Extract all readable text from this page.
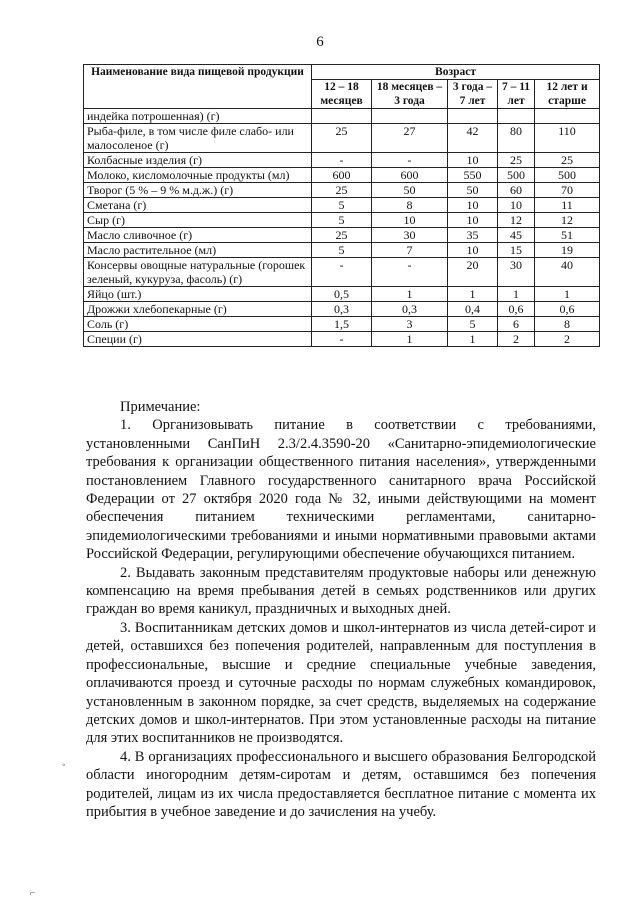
6
Наименование вида пищевой продукции	Возраст				
	12 – 18 месяцев	18 месяцев – 3 года	3 года – 7 лет	7 – 11 лет	12 лет и старше
индейка потрошенная) (г)					
Рыба-филе, в том числе филе слабо- или малосоленое (г)	25	27	42	80	110
Колбасные изделия (г)	-	-	10	25	25
Молоко, кисломолочные продукты (мл)	600	600	550	500	500
Творог (5 % – 9 % м.д.ж.) (г)	25	50	50	60	70
Сметана (г)	5	8	10	10	11
Сыр (г)	5	10	10	12	12
Масло сливочное (г)	25	30	35	45	51
Масло растительное (мл)	5	7	10	15	19
Консервы овощные натуральные (горошек зеленый, кукуруза, фасоль) (г)	-	-	20	30	40
Яйцо (шт.)	0,5	1	1	1	1
Дрожжи хлебопекарные (г)	0,3	0,3	0,4	0,6	0,6
Соль (г)	1,5	3	5	6	8
Специи (г)	-	1	1	2	2

Примечание:

1. Организовывать питание в соответствии с требованиями, установленными СанПиН 2.3/2.4.3590-20 «Санитарно-эпидемиологические требования к организации общественного питания населения», утвержденными постановлением Главного государственного санитарного врача Российской Федерации от 27 октября 2020 года № 32, иными действующими на момент обеспечения питанием техническими регламентами, санитарно-эпидемиологическими требованиями и иными нормативными правовыми актами Российской Федерации, регулирующими обеспечение обучающихся питанием.

2. Выдавать законным представителям продуктовые наборы или денежную компенсацию на время пребывания детей в семьях родственников или других граждан во время каникул, праздничных и выходных дней.

3. Воспитанникам детских домов и школ-интернатов из числа детей-сирот и детей, оставшихся без попечения родителей, направленным для поступления в профессиональные, высшие и средние специальные учебные заведения, оплачиваются проезд и суточные расходы по нормам служебных командировок, установленным в законном порядке, за счет средств, выделяемых на содержание детских домов и школ-интернатов. При этом установленные расходы на питание для этих воспитанников не производятся.

4. В организациях профессионального и высшего образования Белгородской области иногородним детям-сиротам и детям, оставшимся без попечения родителей, лицам из их числа предоставляется бесплатное питание с момента их прибытия в учебное заведение и до зачисления на учебу.

◦
⌐
